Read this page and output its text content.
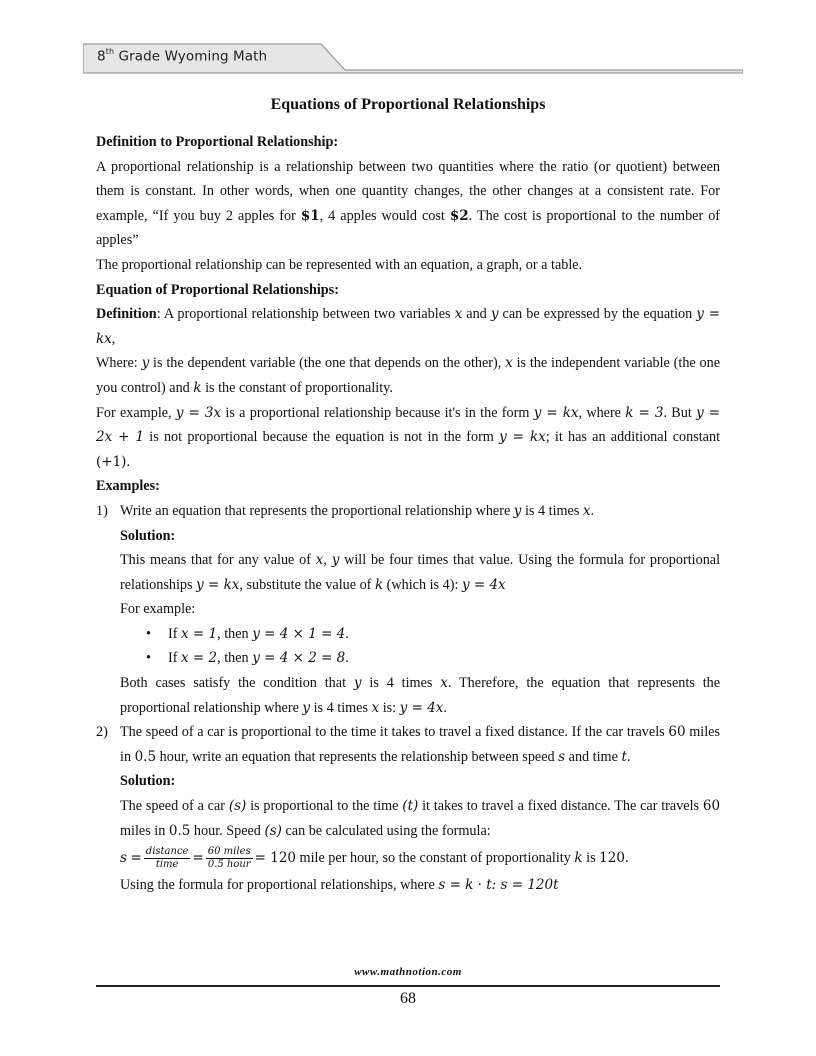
8th Grade Wyoming Math
Equations of Proportional Relationships

Definition to Proportional Relationship:

A proportional relationship is a relationship between two quantities where the ratio (or quotient) between them is constant. In other words, when one quantity changes, the other changes at a consistent rate. For example, “If you buy 2 apples for $1, 4 apples would cost $2. The cost is proportional to the number of apples”

The proportional relationship can be represented with an equation, a graph, or a table.

Equation of Proportional Relationships:

Definition: A proportional relationship between two variables x and y can be expressed by the equation y = kx,

Where: y is the dependent variable (the one that depends on the other), x is the independent variable (the one you control) and k is the constant of proportionality.

For example, y = 3x is a proportional relationship because it's in the form y = kx, where k = 3. But y = 2x + 1 is not proportional because the equation is not in the form y = kx; it has an additional constant (+1).

Examples:

1) Write an equation that represents the proportional relationship where y is 4 times x.

Solution:

This means that for any value of x, y will be four times that value. Using the formula for proportional relationships y = kx, substitute the value of k (which is 4): y = 4x

For example:

• If x = 1, then y = 4 × 1 = 4.
• If x = 2, then y = 4 × 2 = 8.

Both cases satisfy the condition that y is 4 times x. Therefore, the equation that represents the proportional relationship where y is 4 times x is: y = 4x.

2) The speed of a car is proportional to the time it takes to travel a fixed distance. If the car travels 60 miles in 0.5 hour, write an equation that represents the relationship between speed s and time t.

Solution:

The speed of a car (s) is proportional to the time (t) it takes to travel a fixed distance. The car travels 60 miles in 0.5 hour. Speed (s) can be calculated using the formula:

$s = \frac{\text{distance}}{\text{time}} = \frac{\text{60 miles}}{\text{0.5 hour}} = 120$ mile per hour, so the constant of proportionality k is 120.

Using the formula for proportional relationships, where s = k · t: s = 120t

www.mathnotion.com
68
